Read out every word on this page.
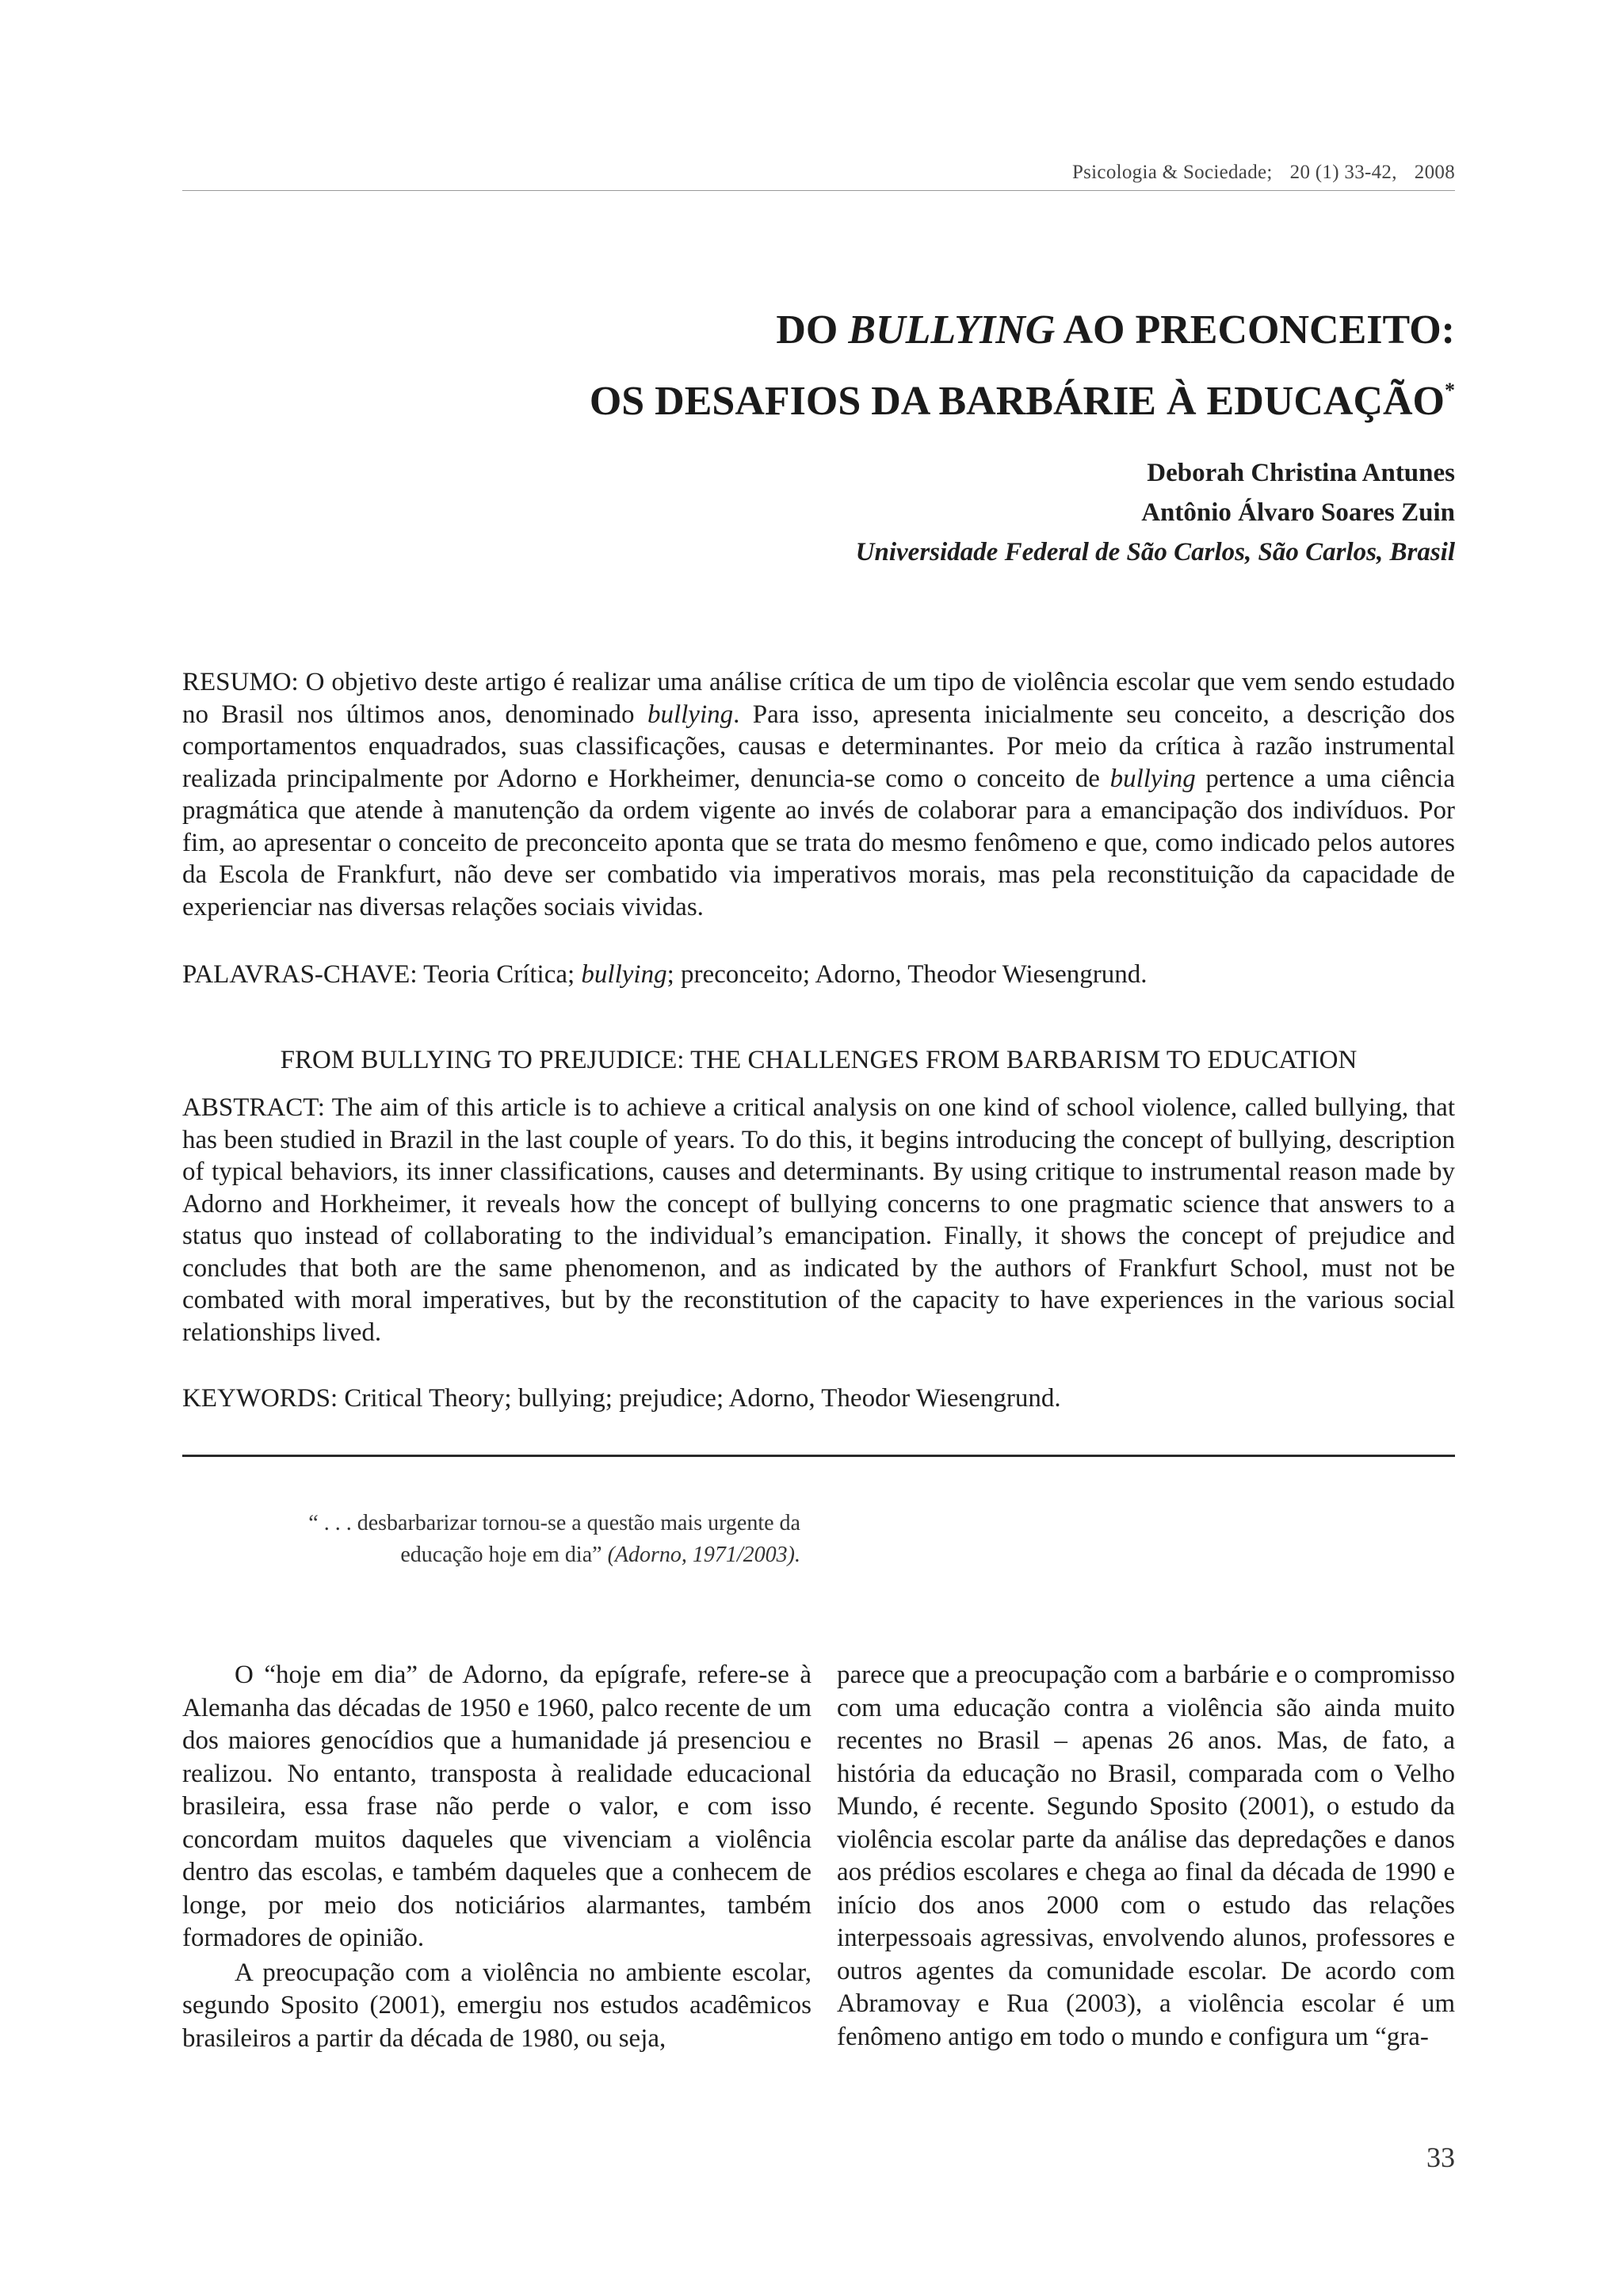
Psicologia & Sociedade; 20 (1) 33-42, 2008
DO BULLYING AO PRECONCEITO:
OS DESAFIOS DA BARBÁRIE À EDUCAÇÃO*
Deborah Christina Antunes
Antônio Álvaro Soares Zuin
Universidade Federal de São Carlos, São Carlos, Brasil
RESUMO: O objetivo deste artigo é realizar uma análise crítica de um tipo de violência escolar que vem sendo estudado no Brasil nos últimos anos, denominado bullying. Para isso, apresenta inicialmente seu conceito, a descrição dos comportamentos enquadrados, suas classificações, causas e determinantes. Por meio da crítica à razão instrumental realizada principalmente por Adorno e Horkheimer, denuncia-se como o conceito de bullying pertence a uma ciência pragmática que atende à manutenção da ordem vigente ao invés de colaborar para a emancipação dos indivíduos. Por fim, ao apresentar o conceito de preconceito aponta que se trata do mesmo fenômeno e que, como indicado pelos autores da Escola de Frankfurt, não deve ser combatido via imperativos morais, mas pela reconstituição da capacidade de experienciar nas diversas relações sociais vividas.
PALAVRAS-CHAVE: Teoria Crítica; bullying; preconceito; Adorno, Theodor Wiesengrund.
FROM BULLYING TO PREJUDICE: THE CHALLENGES FROM BARBARISM TO EDUCATION
ABSTRACT: The aim of this article is to achieve a critical analysis on one kind of school violence, called bullying, that has been studied in Brazil in the last couple of years. To do this, it begins introducing the concept of bullying, description of typical behaviors, its inner classifications, causes and determinants. By using critique to instrumental reason made by Adorno and Horkheimer, it reveals how the concept of bullying concerns to one pragmatic science that answers to a status quo instead of collaborating to the individual’s emancipation. Finally, it shows the concept of prejudice and concludes that both are the same phenomenon, and as indicated by the authors of Frankfurt School, must not be combated with moral imperatives, but by the reconstitution of the capacity to have experiences in the various social relationships lived.
KEYWORDS: Critical Theory; bullying; prejudice; Adorno, Theodor Wiesengrund.
“ . . . desbarbarizar tornou-se a questão mais urgente da
educação hoje em dia” (Adorno, 1971/2003).

O “hoje em dia” de Adorno, da epígrafe, refere-se à Alemanha das décadas de 1950 e 1960, palco recente de um dos maiores genocídios que a humanidade já presenciou e realizou. No entanto, transposta à realidade educacional brasileira, essa frase não perde o valor, e com isso concordam muitos daqueles que vivenciam a violência dentro das escolas, e também daqueles que a conhecem de longe, por meio dos noticiários alarmantes, também formadores de opinião.

A preocupação com a violência no ambiente escolar, segundo Sposito (2001), emergiu nos estudos acadêmicos brasileiros a partir da década de 1980, ou seja,

parece que a preocupação com a barbárie e o compromisso com uma educação contra a violência são ainda muito recentes no Brasil – apenas 26 anos. Mas, de fato, a história da educação no Brasil, comparada com o Velho Mundo, é recente. Segundo Sposito (2001), o estudo da violência escolar parte da análise das depredações e danos aos prédios escolares e chega ao final da década de 1990 e início dos anos 2000 com o estudo das relações interpessoais agressivas, envolvendo alunos, professores e outros agentes da comunidade escolar. De acordo com Abramovay e Rua (2003), a violência escolar é um fenômeno antigo em todo o mundo e configura um “gra-

33
